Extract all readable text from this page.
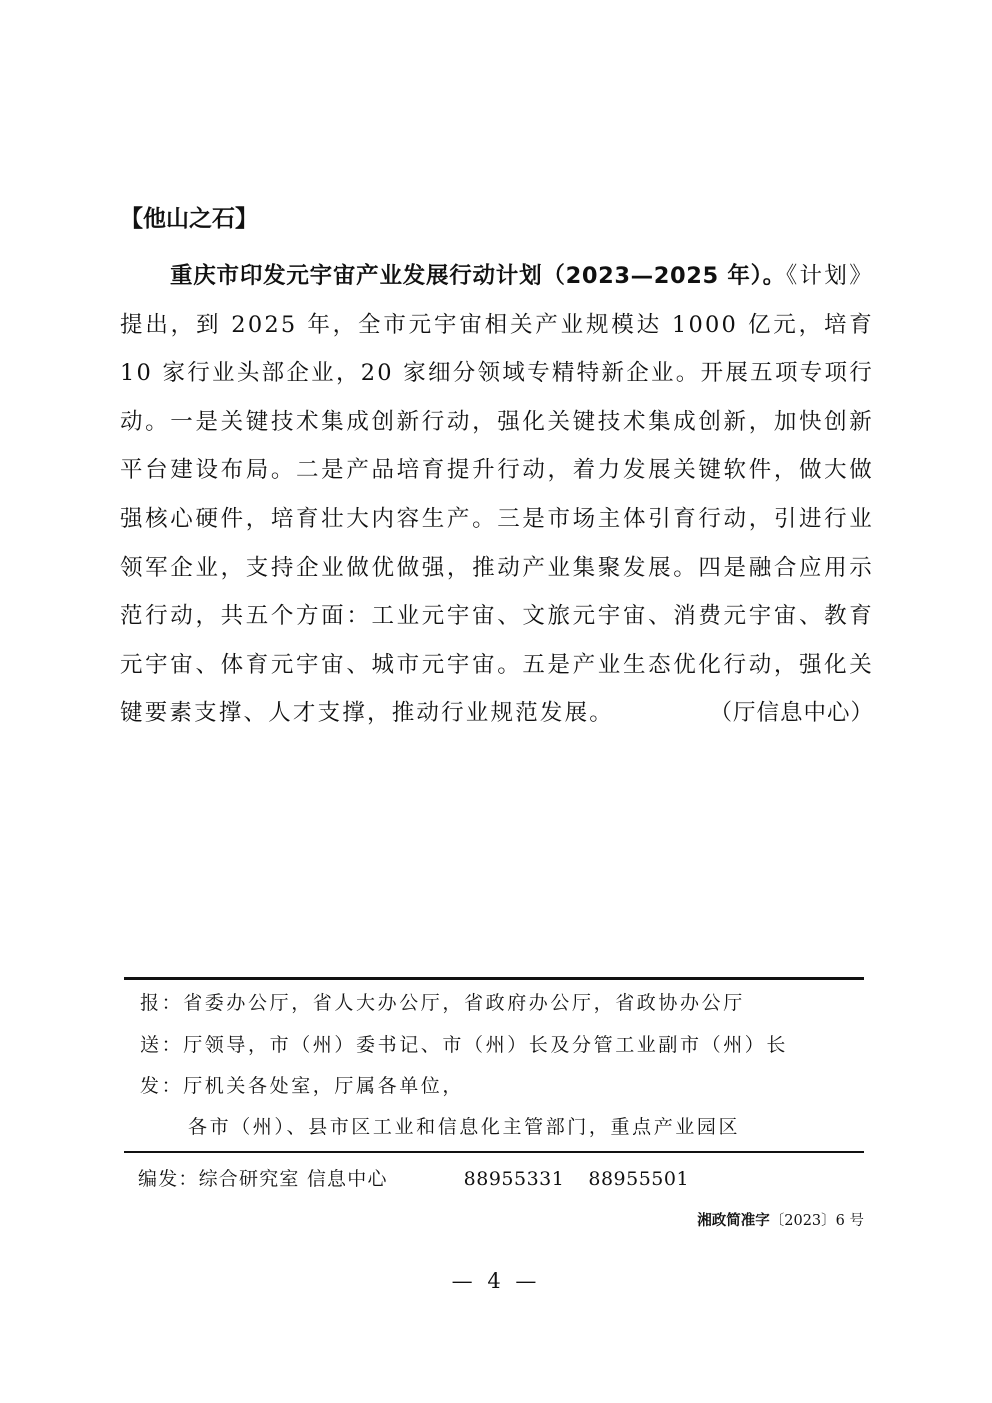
【他山之石】

重庆市印发元宇宙产业发展行动计划（2023—2025 年）。《计划》提出，到 2025 年，全市元宇宙相关产业规模达 1000 亿元，培育 10 家行业头部企业，20 家细分领域专精特新企业。开展五项专项行动。一是关键技术集成创新行动，强化关键技术集成创新，加快创新平台建设布局。二是产品培育提升行动，着力发展关键软件，做大做强核心硬件，培育壮大内容生产。三是市场主体引育行动，引进行业领军企业，支持企业做优做强，推动产业集聚发展。四是融合应用示范行动，共五个方面：工业元宇宙、文旅元宇宙、消费元宇宙、教育元宇宙、体育元宇宙、城市元宇宙。五是产业生态优化行动，强化关键要素支撑、人才支撑，推动行业规范发展。	（厅信息中心）

报：省委办公厅，省人大办公厅，省政府办公厅，省政协办公厅
送：厅领导，市（州）委书记、市（州）长及分管工业副市（州）长
发：厅机关各处室，厅属各单位，
各市（州）、县市区工业和信息化主管部门，重点产业园区
编发：综合研究室 信息中心	88955331 88955501
湘政简准字〔2023〕6 号
— 4 —
